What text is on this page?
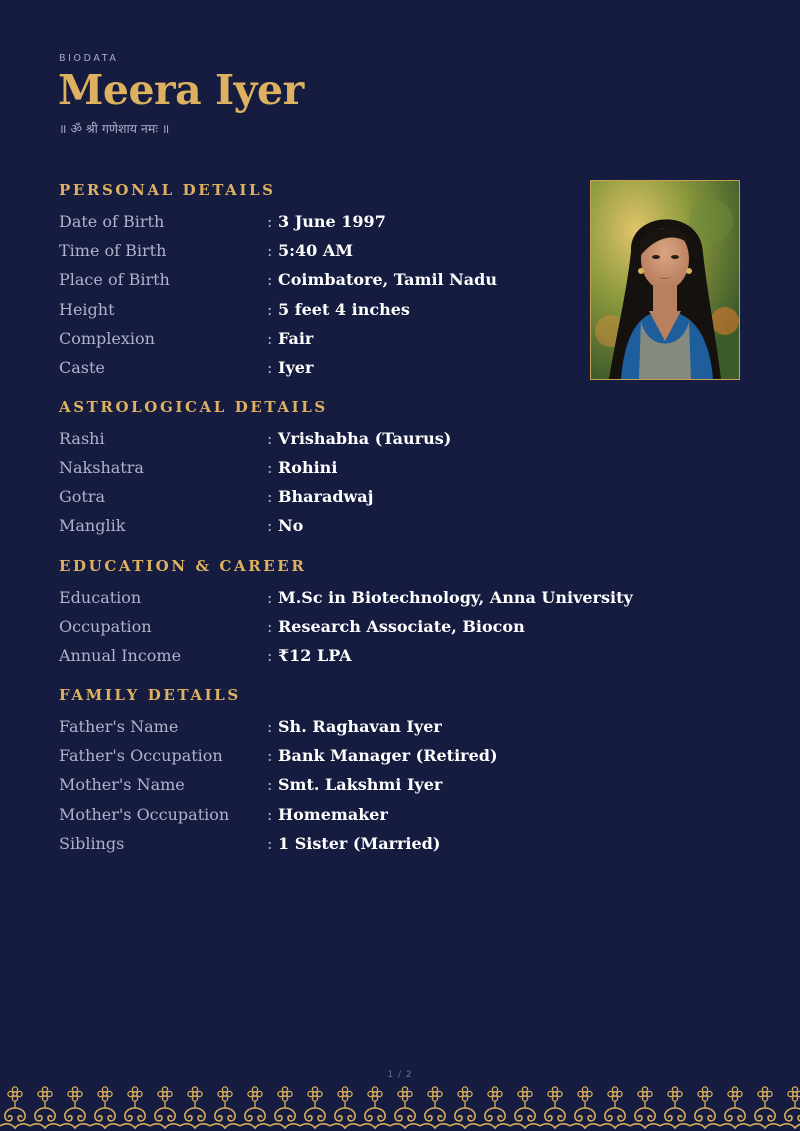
BIODATA
Meera Iyer
॥ ॐ श्री गणेशाय नमः ॥
PERSONAL DETAILS
Date of Birth	: 3 June 1997
Time of Birth	: 5:40 AM
Place of Birth	: Coimbatore, Tamil Nadu
Height	: 5 feet 4 inches
Complexion	: Fair
Caste	: Iyer
ASTROLOGICAL DETAILS
Rashi	: Vrishabha (Taurus)
Nakshatra	: Rohini
Gotra	: Bharadwaj
Manglik	: No
EDUCATION & CAREER
Education	: M.Sc in Biotechnology, Anna University
Occupation	: Research Associate, Biocon
Annual Income	: ₹12 LPA
FAMILY DETAILS
Father's Name	: Sh. Raghavan Iyer
Father's Occupation	: Bank Manager (Retired)
Mother's Name	: Smt. Lakshmi Iyer
Mother's Occupation : Homemaker
Siblings	: 1 Sister (Married)
1 / 2
